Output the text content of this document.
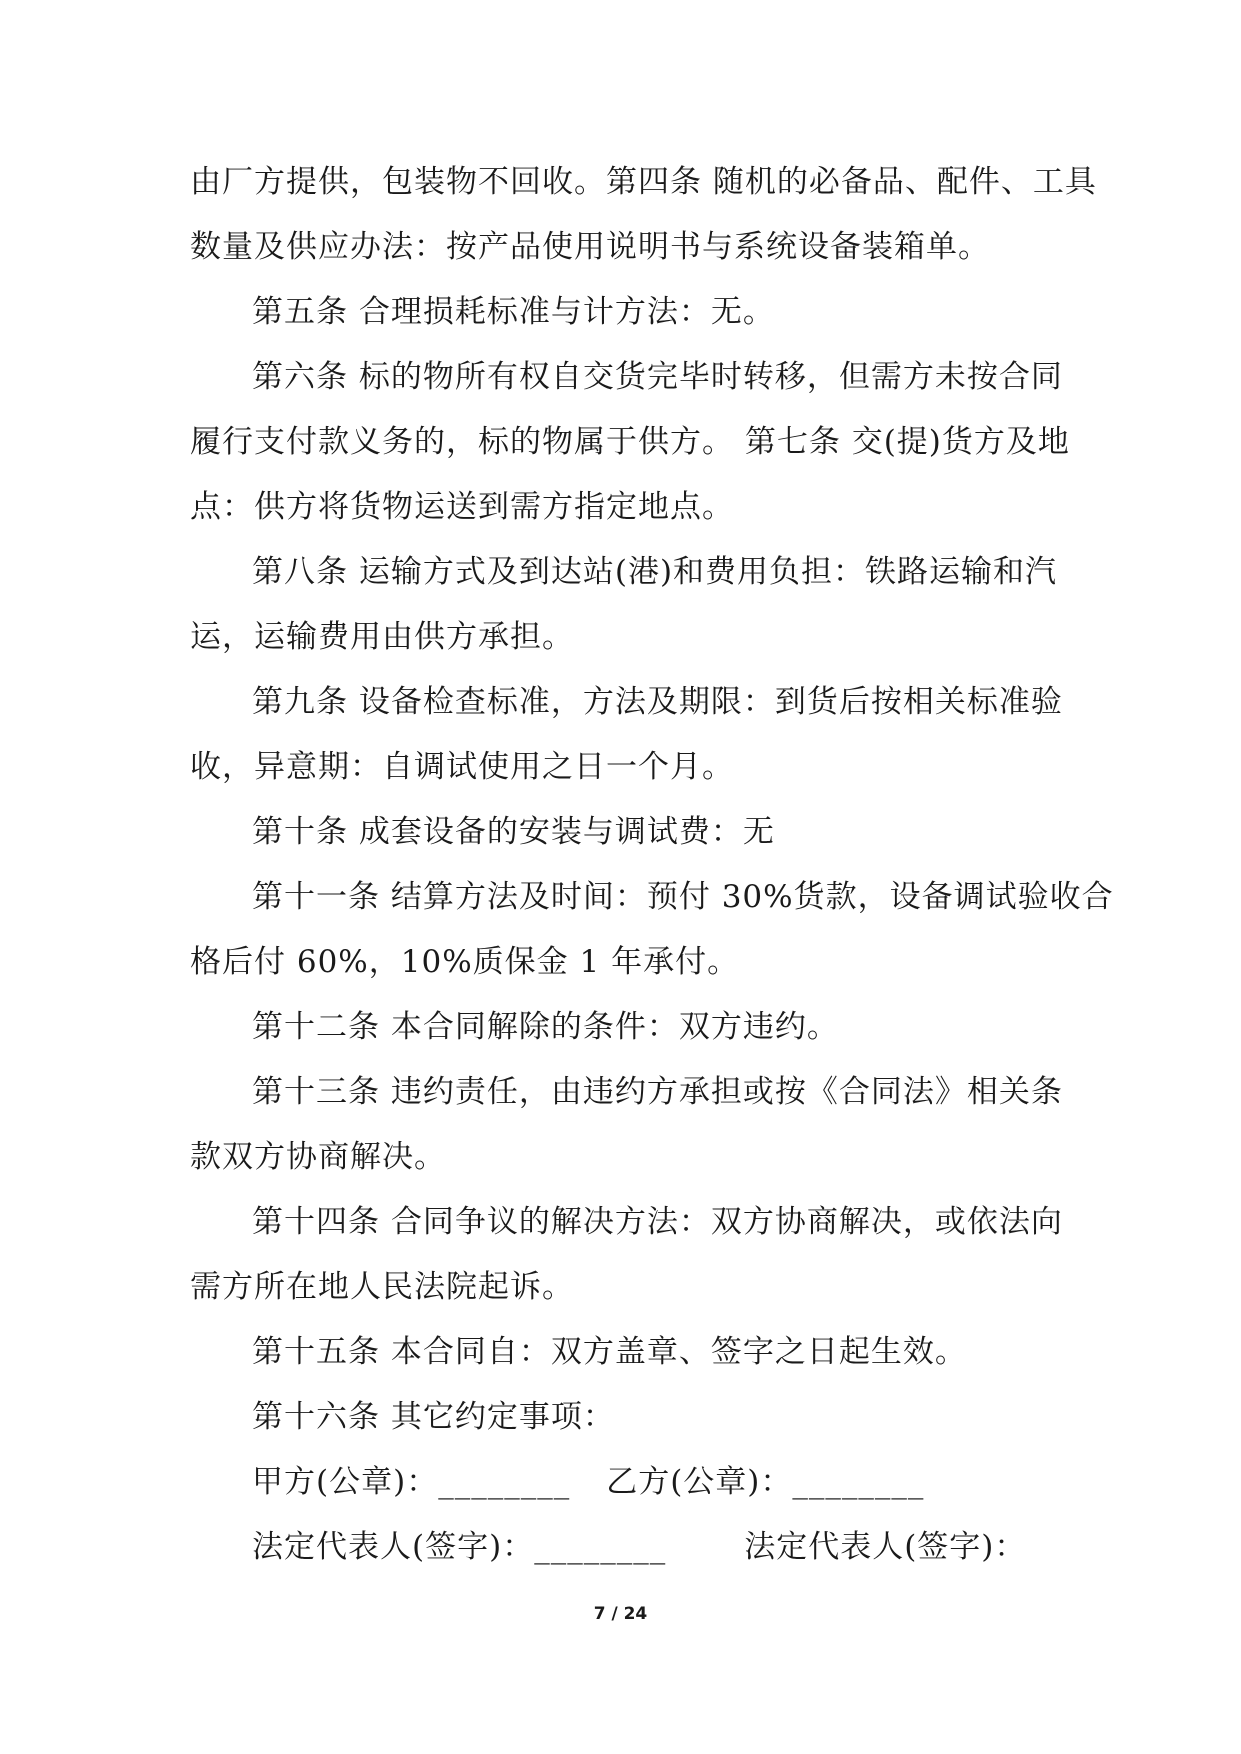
由厂方提供，包装物不回收。第四条 随机的必备品、配件、工具
数量及供应办法：按产品使用说明书与系统设备装箱单。
第五条 合理损耗标准与计方法：无。
第六条 标的物所有权自交货完毕时转移，但需方未按合同
履行支付款义务的，标的物属于供方。 第七条 交(提)货方及地
点：供方将货物运送到需方指定地点。
第八条 运输方式及到达站(港)和费用负担：铁路运输和汽
运，运输费用由供方承担。
第九条 设备检查标准，方法及期限：到货后按相关标准验
收，异意期：自调试使用之日一个月。
第十条 成套设备的安装与调试费：无
第十一条 结算方法及时间：预付 30%货款，设备调试验收合
格后付 60%，10%质保金 1 年承付。
第十二条 本合同解除的条件：双方违约。
第十三条 违约责任，由违约方承担或按《合同法》相关条
款双方协商解决。
第十四条 合同争议的解决方法：双方协商解决，或依法向
需方所在地人民法院起诉。
第十五条 本合同自：双方盖章、签字之日起生效。
第十六条 其它约定事项：
甲方(公章)：________ 乙方(公章)：________
法定代表人(签字)：________	法定代表人(签字)：
7 / 24
